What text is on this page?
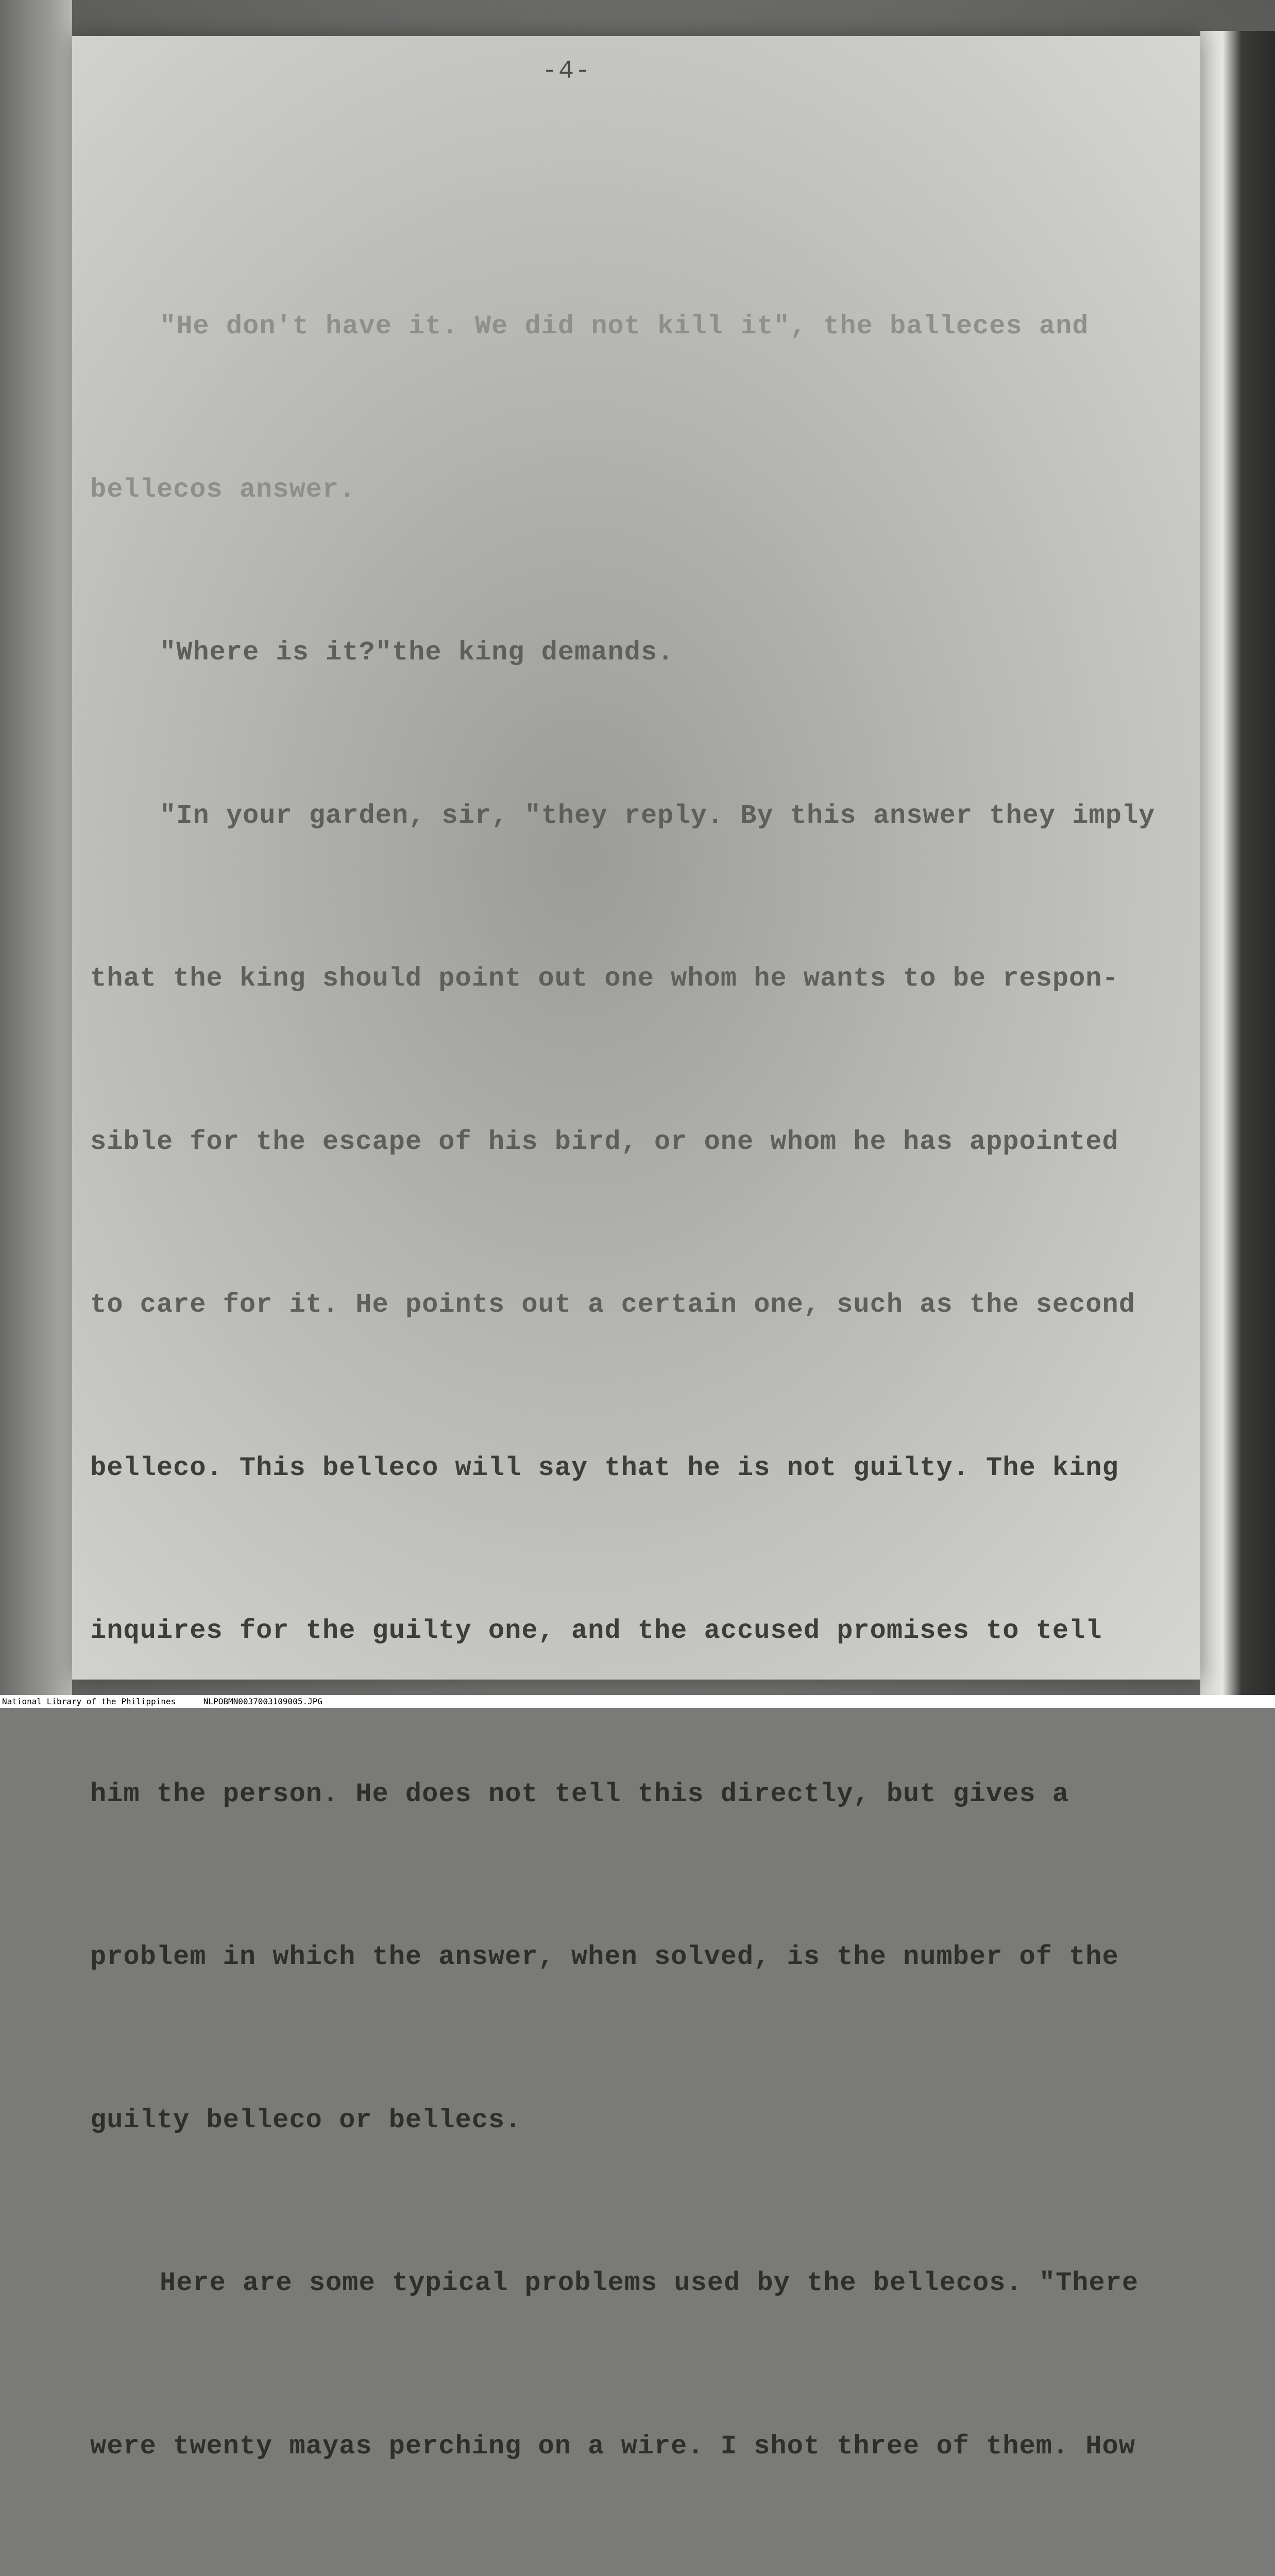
-4-

"He don't have it. We did not kill it", the balleces and

bellecos answer.

"Where is it?"the king demands.

"In your garden, sir, "they reply. By this answer they imply

that the king should point out one whom he wants to be respon-

sible for the escape of his bird, or one whom he has appointed

to care for it. He points out a certain one, such as the second

belleco. This belleco will say that he is not guilty. The king

inquires for the guilty one, and the accused promises to tell

him the person. He does not tell this directly, but gives a

problem in which the answer, when solved, is the number of the

guilty belleco or bellecs.

Here are some typical problems used by the bellecos. "There

were twenty mayas perching on a wire. I shot three of them. How

National Library of the Philippines	NLPOBMN0037003109005.JPG
